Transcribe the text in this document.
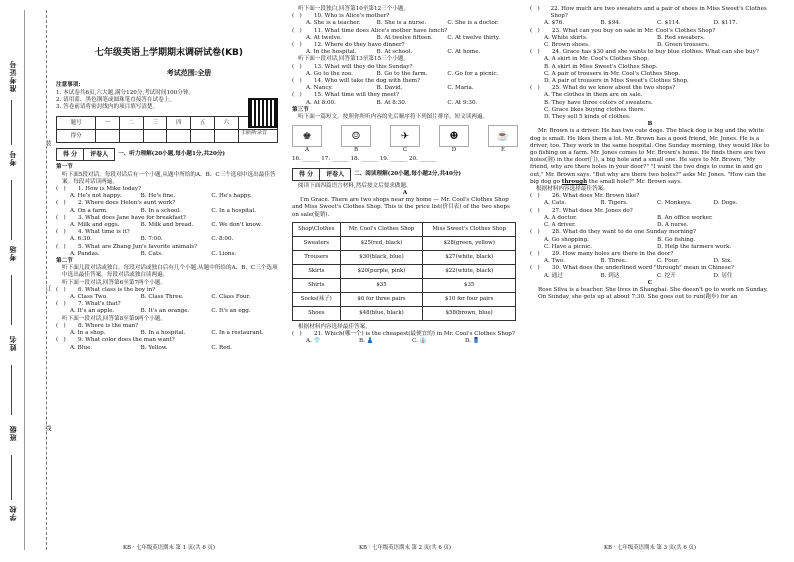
准考证号
考号
考场
姓名
班级
学校
装
订
线
七年级英语上学期期末调研试卷(KB)
考试范围:全册
扫码听录音
注意事项:
1. 本试卷共6页,六大题,满分120分,考试时间100分钟。
2. 请用蓝、黑色钢笔或圆珠笔直接答在试卷上。
3. 答卷前请将密封线内的项目填写清楚。
题号	一	二	三	四	五	六	
得分							
得 分 评卷人	一、听力理解(20小题,每小题1分,共20分)
第一节
听下面5段对话。每段对话后有一个小题,从题中所给的A、B、C三个选项中选出最佳答案。每段对话读两遍。
(   )	1. How is Mike today?
A. He's not happy.	B. He's fine.	C. He's happy.
(   )	2. Where does Helen's aunt work?
A. On a farm.	B. In a school.	C. In a hospital.
(   )	3. What does Jane have for breakfast?
A. Milk and eggs.	B. Milk and bread.	C. We don't know.
(   )	4. What time is it?
A. 6:30.	B. 7:00.	C. 8:00.
(   )	5. What are Zhang Jun's favorite animals?
A. Pandas.	B. Cats.	C. Lions.
第二节
听下面几段对话或独白。每段对话或独白后有几个小题,从题中所给的A、B、C三个选项中选出最佳答案。每段对话或独白读两遍。
听下面一段对话,回答第6至第7两个小题。
(   )	6. What class is the boy in?
A. Class Two.	B. Class Three.	C. Class Four.
(   )	7. What's that?
A. It's an apple.	B. It's an orange.	C. It's an egg.
听下面一段对话,回答第8至第9两个小题。
(   )	8. Where is the man?
A. In a shop.	B. In a hospital.	C. In a restaurant.
(   )	9. What color does the man want?
A. Blue.	B. Yellow.	C. Red.
KB · 七年级英语期末 第 1 页(共 6 页)
听下面一段独白,回答第10至第12三个小题。
(   )	10. Who is Alice's mother?
A. She is a teacher.	B. She is a nurse.	C. She is a doctor.
(   )	11. What time does Alice's mother have lunch?
A. At twelve.	B. At twelve fifteen.	C. At twelve thirty.
(   )	12. Where do they have dinner?
A. In the hospital.	B. At school.	C. At home.
听下面一段对话,回答第13至第15三个小题。
(   )	13. What will they do this Sunday?
A. Go to the zoo.	B. Go to the farm.	C. Go for a picnic.
(   )	14. Who will take the dog with them?
A. Nancy.	B. David.	C. Maria.
(   )	15. What time will they meet?
A. At 8:00.	B. At 8:30.	C. At 9:30.
第三节
听下面一篇短文。按照你所听内容的先后顺序将下列图片排序。短文读两遍。
♚
A
☺
B
✈
C
☻
D
☕
E
16. ______ 17. ______ 18. ______ 19. ______ 20. ______
得 分 评卷人	二、阅读理解(20小题,每小题2分,共40分)
阅读下面四篇语言材料,然后按文后要求做题。
A
I'm Grace. There are two shops near my home — Mr. Cool's Clothes Shop and Miss Sweet's Clothes Shop. This is the price list(价目表) of the two shops on sale(促销).
Shop\Clothes	Mr. Cool's Clothes Shop	Miss Sweet's Clothes Shop
Sweaters	$25(red, black)	$28(green, yellow)
Trousers	$30(black, blue)	$27(white, black)
Skirts	$20(purple, pink)	$22(white, black)
Shirts	$35	$35
Socks(袜子)	$6 for three pairs	$10 for four pairs
Shoes	$48(blue, black)	$58(brown, blue)
根据材料内容选择最佳答案。
(   )	21. Which(哪一个) is the cheapest(最便宜的) in Mr. Cool's Clothes Shop?
A. 👕	B. 👗	C. 👔	D. 👖
KB · 七年级英语期末 第 2 页(共 6 页)
(   )	22. How much are two sweaters and a pair of shoes in Miss Sweet's Clothes Shop?
A. $76.	B. $94.	C. $114.	D. $117.
(   )	23. What can you buy on sale in Mr. Cool's Clothes Shop?
A. White skirts.	B. Red sweaters.
C. Brown shoes.	D. Green trousers.
(   )	24. Grace has $30 and she wants to buy blue clothes. What can she buy?
A. A skirt in Mr. Cool's Clothes Shop.
B. A skirt in Miss Sweet's Clothes Shop.
C. A pair of trousers in Mr. Cool's Clothes Shop.
D. A pair of trousers in Miss Sweet's Clothes Shop.
(   )	25. What do we know about the two shops?
A. The clothes in them are on sale.
B. They have three colors of sweaters.
C. Grace likes buying clothes there.
D. They sell 5 kinds of clothes.
B
Mr. Brown is a driver. He has two cute dogs. The black dog is big and the white dog is small. He likes them a lot. Mr. Brown has a good friend, Mr. Jones. He is a driver, too. They work in the same hospital. One Sunday morning, they would like to go fishing on a farm. Mr. Jones comes to Mr. Brown's home. He finds there are two holes(洞) in the door(门), a big hole and a small one. He says to Mr. Brown, "My friend, why are there holes in your door?" "I want the two dogs to come in and go out," Mr. Brown says. "But why are there two holes?" asks Mr. Jones. "How can the big dog go through the small hole?" Mr. Brown says.
根据材料内容选择最佳答案。
(   )	26. What does Mr. Brown like?
A. Cats.	B. Tigers.	C. Monkeys.	D. Dogs.
(   )	27. What does Mr. Jones do?
A. A doctor.	B. An office worker.
C. A driver.	D. A nurse.
(   )	28. What do they want to do one Sunday morning?
A. Go shopping.	B. Go fishing.
C. Have a picnic.	D. Help the farmers work.
(   )	29. How many holes are there in the door?
A. Two.	B. Three.	C. Four.	D. Six.
(   )	30. What does the underlined word "through" mean in Chinese?
A. 通过	B. 到达	C. 挖开	D. 居住
C
Rose Silva is a teacher. She lives in Shanghai. She doesn't go to work on Sunday.
On Sunday, she gets up at about 7:30. She goes out to run(跑步) for an
KB · 七年级英语期末 第 3 页(共 6 页)
